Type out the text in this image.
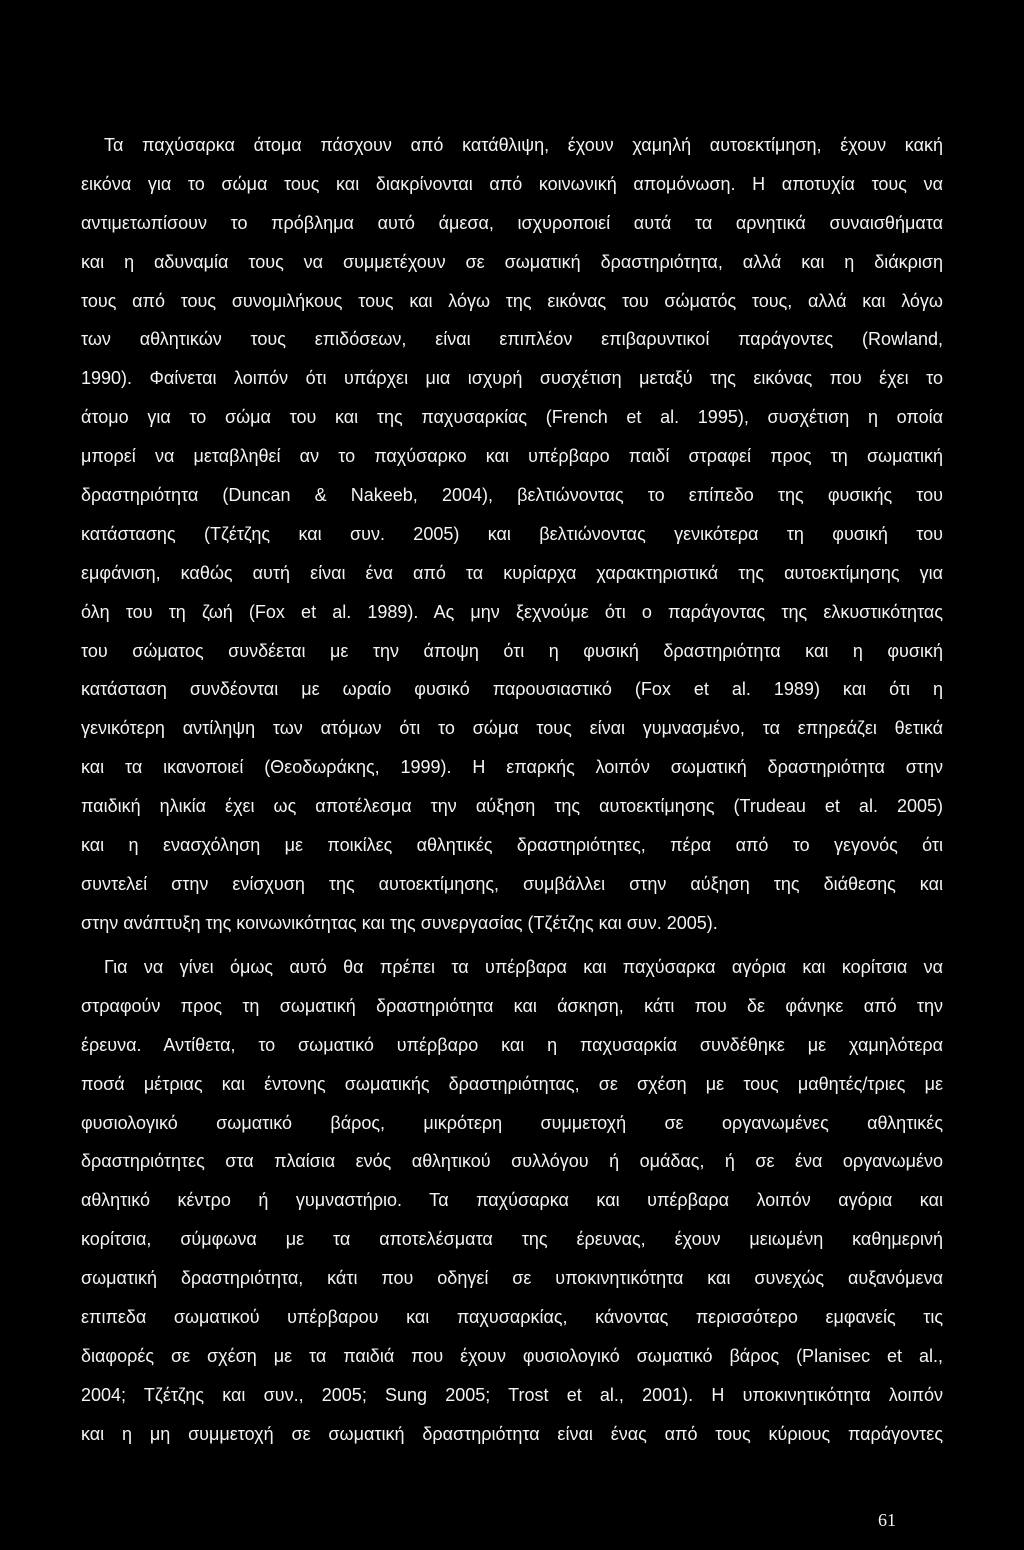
Τα παχύσαρκα άτομα πάσχουν από κατάθλιψη, έχουν χαμηλή αυτοεκτίμηση, έχουν κακή
εικόνα για το σώμα τους και διακρίνονται από κοινωνική απομόνωση. Η αποτυχία τους να
αντιμετωπίσουν το πρόβλημα αυτό άμεσα, ισχυροποιεί αυτά τα αρνητικά συναισθήματα
και η αδυναμία τους να συμμετέχουν σε σωματική δραστηριότητα, αλλά και η διάκριση
τους από τους συνομιλήκους τους και λόγω της εικόνας του σώματός τους, αλλά και λόγω
των αθλητικών τους επιδόσεων, είναι επιπλέον επιβαρυντικοί παράγοντες (Rowland,
1990). Φαίνεται λοιπόν ότι υπάρχει μια ισχυρή συσχέτιση μεταξύ της εικόνας που έχει το
άτομο για το σώμα του και της παχυσαρκίας (French et al. 1995), συσχέτιση η οποία
μπορεί να μεταβληθεί αν το παχύσαρκο και υπέρβαρο παιδί στραφεί προς τη σωματική
δραστηριότητα (Duncan & Nakeeb, 2004), βελτιώνοντας το επίπεδο της φυσικής του
κατάστασης (Τζέτζης και συν. 2005) και βελτιώνοντας γενικότερα τη φυσική του
εμφάνιση, καθώς αυτή είναι ένα από τα κυρίαρχα χαρακτηριστικά της αυτοεκτίμησης για
όλη του τη ζωή (Fox et al. 1989). Ας μην ξεχνούμε ότι ο παράγοντας της ελκυστικότητας
του σώματος συνδέεται με την άποψη ότι η φυσική δραστηριότητα και η φυσική
κατάσταση συνδέονται με ωραίο φυσικό παρουσιαστικό (Fox et al. 1989) και ότι η
γενικότερη αντίληψη των ατόμων ότι το σώμα τους είναι γυμνασμένο, τα επηρεάζει θετικά
και τα ικανοποιεί (Θεοδωράκης, 1999). Η επαρκής λοιπόν σωματική δραστηριότητα στην
παιδική ηλικία έχει ως αποτέλεσμα την αύξηση της αυτοεκτίμησης (Trudeau et al. 2005)
και η ενασχόληση με ποικίλες αθλητικές δραστηριότητες, πέρα από το γεγονός ότι
συντελεί στην ενίσχυση της αυτοεκτίμησης, συμβάλλει στην αύξηση της διάθεσης και
στην ανάπτυξη της κοινωνικότητας και της συνεργασίας (Τζέτζης και συν. 2005).
Για να γίνει όμως αυτό θα πρέπει τα υπέρβαρα και παχύσαρκα αγόρια και κορίτσια να
στραφούν προς τη σωματική δραστηριότητα και άσκηση, κάτι που δε φάνηκε από την
έρευνα. Αντίθετα, το σωματικό υπέρβαρο και η παχυσαρκία συνδέθηκε με χαμηλότερα
ποσά μέτριας και έντονης σωματικής δραστηριότητας, σε σχέση με τους μαθητές/τριες με
φυσιολογικό σωματικό βάρος, μικρότερη συμμετοχή σε οργανωμένες αθλητικές
δραστηριότητες στα πλαίσια ενός αθλητικού συλλόγου ή ομάδας, ή σε ένα οργανωμένο
αθλητικό κέντρο ή γυμναστήριο. Τα παχύσαρκα και υπέρβαρα λοιπόν αγόρια και
κορίτσια, σύμφωνα με τα αποτελέσματα της έρευνας, έχουν μειωμένη καθημερινή
σωματική δραστηριότητα, κάτι που οδηγεί σε υποκινητικότητα και συνεχώς αυξανόμενα
επιπεδα σωματικού υπέρβαρου και παχυσαρκίας, κάνοντας περισσότερο εμφανείς τις
διαφορές σε σχέση με τα παιδιά που έχουν φυσιολογικό σωματικό βάρος (Planisec et al.,
2004; Τζέτζης και συν., 2005; Sung 2005; Trost et al., 2001). Η υποκινητικότητα λοιπόν
και η μη συμμετοχή σε σωματική δραστηριότητα είναι ένας από τους κύριους παράγοντες
61
